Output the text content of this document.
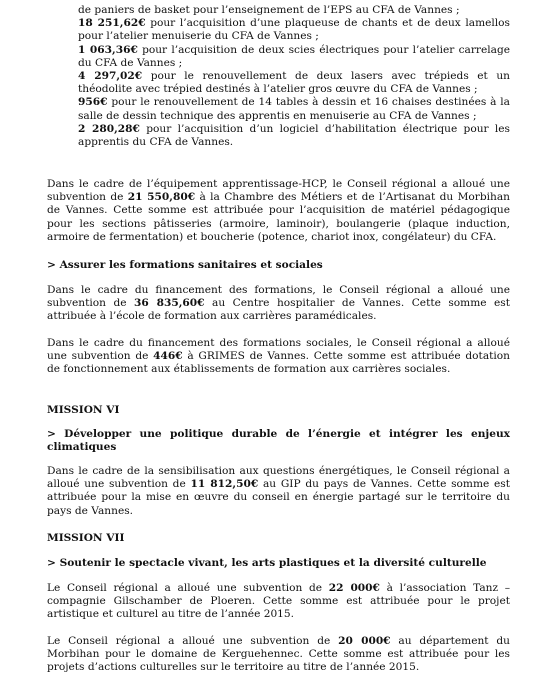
de paniers de basket pour l’enseignement de l’EPS au CFA de Vannes ;

18 251,62€ pour l’acquisition d’une plaqueuse de chants et de deux lamellos pour l’atelier menuiserie du CFA de Vannes ;

1 063,36€ pour l’acquisition de deux scies électriques pour l’atelier carrelage du CFA de Vannes ;

4 297,02€ pour le renouvellement de deux lasers avec trépieds et un théodolite avec trépied destinés à l’atelier gros œuvre du CFA de Vannes ;

956€ pour le renouvellement de 14 tables à dessin et 16 chaises destinées à la salle de dessin technique des apprentis en menuiserie au CFA de Vannes ;

2 280,28€ pour l’acquisition d’un logiciel d’habilitation électrique pour les apprentis du CFA de Vannes.

Dans le cadre de l’équipement apprentissage-HCP, le Conseil régional a alloué une subvention de 21 550,80€ à la Chambre des Métiers et de l’Artisanat du Morbihan de Vannes. Cette somme est attribuée pour l’acquisition de matériel pédagogique pour les sections pâtisseries (armoire, laminoir), boulangerie (plaque induction, armoire de fermentation) et boucherie (potence, chariot inox, congélateur) du CFA.

> Assurer les formations sanitaires et sociales

Dans le cadre du financement des formations, le Conseil régional a alloué une subvention de 36 835,60€ au Centre hospitalier de Vannes. Cette somme est attribuée à l’école de formation aux carrières paramédicales.

Dans le cadre du financement des formations sociales, le Conseil régional a alloué une subvention de 446€ à GRIMES de Vannes. Cette somme est attribuée dotation de fonctionnement aux établissements de formation aux carrières sociales.

MISSION VI

> Développer une politique durable de l’énergie et intégrer les enjeux climatiques

Dans le cadre de la sensibilisation aux questions énergétiques, le Conseil régional a alloué une subvention de 11 812,50€ au GIP du pays de Vannes. Cette somme est attribuée pour la mise en œuvre du conseil en énergie partagé sur le territoire du pays de Vannes.

MISSION VII

> Soutenir le spectacle vivant, les arts plastiques et la diversité culturelle

Le Conseil régional a alloué une subvention de 22 000€ à l’association Tanz – compagnie Gilschamber de Ploeren. Cette somme est attribuée pour le projet artistique et culturel au titre de l’année 2015.

Le Conseil régional a alloué une subvention de 20 000€ au département du Morbihan pour le domaine de Kerguehennec. Cette somme est attribuée pour les projets d’actions culturelles sur le territoire au titre de l’année 2015.
